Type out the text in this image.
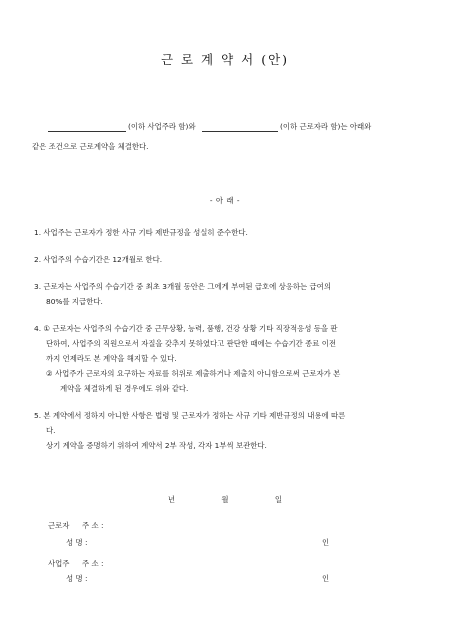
근 로 계 약 서 (안)
(이하 사업주라 함)와	(이하 근로자라 함)는 아래와
같은 조건으로 근로계약을 체결한다.
- 아 래 -
1. 사업주는 근로자가 정한 사규 기타 제반규정을 성실히 준수한다.
2. 사업주의 수습기간은 12개월로 한다.
3. 근로자는 사업주의 수습기간 중 최초 3개월 동안은 그에게 부여된 급호에 상응하는 급여의
80%를 지급한다.
4. ① 근로자는 사업주의 수습기간 중 근무상황, 능력, 품행, 건강 상황 기타 직장적응성 등을 판
단하여, 사업주의 직원으로서 자질을 갖추지 못하였다고 판단한 때에는 수습기간 종료 이전
까지 언제라도 본 계약을 해지할 수 있다.
② 사업주가 근로자의 요구하는 자료를 허위로 제출하거나 제출치 아니함으로써 근로자가 본
계약을 체결하게 된 경우에도 위와 같다.
5. 본 계약에서 정하지 아니한 사항은 법령 및 근로자가 정하는 사규 기타 제반규정의 내용에 따른
다.
상기 계약을 증명하기 위하여 계약서 2부 작성, 각자 1부씩 보관한다.
년	월	일
근로자 주 소 :
성 명 :	인
사업주 주 소 :
성 명 :	인
